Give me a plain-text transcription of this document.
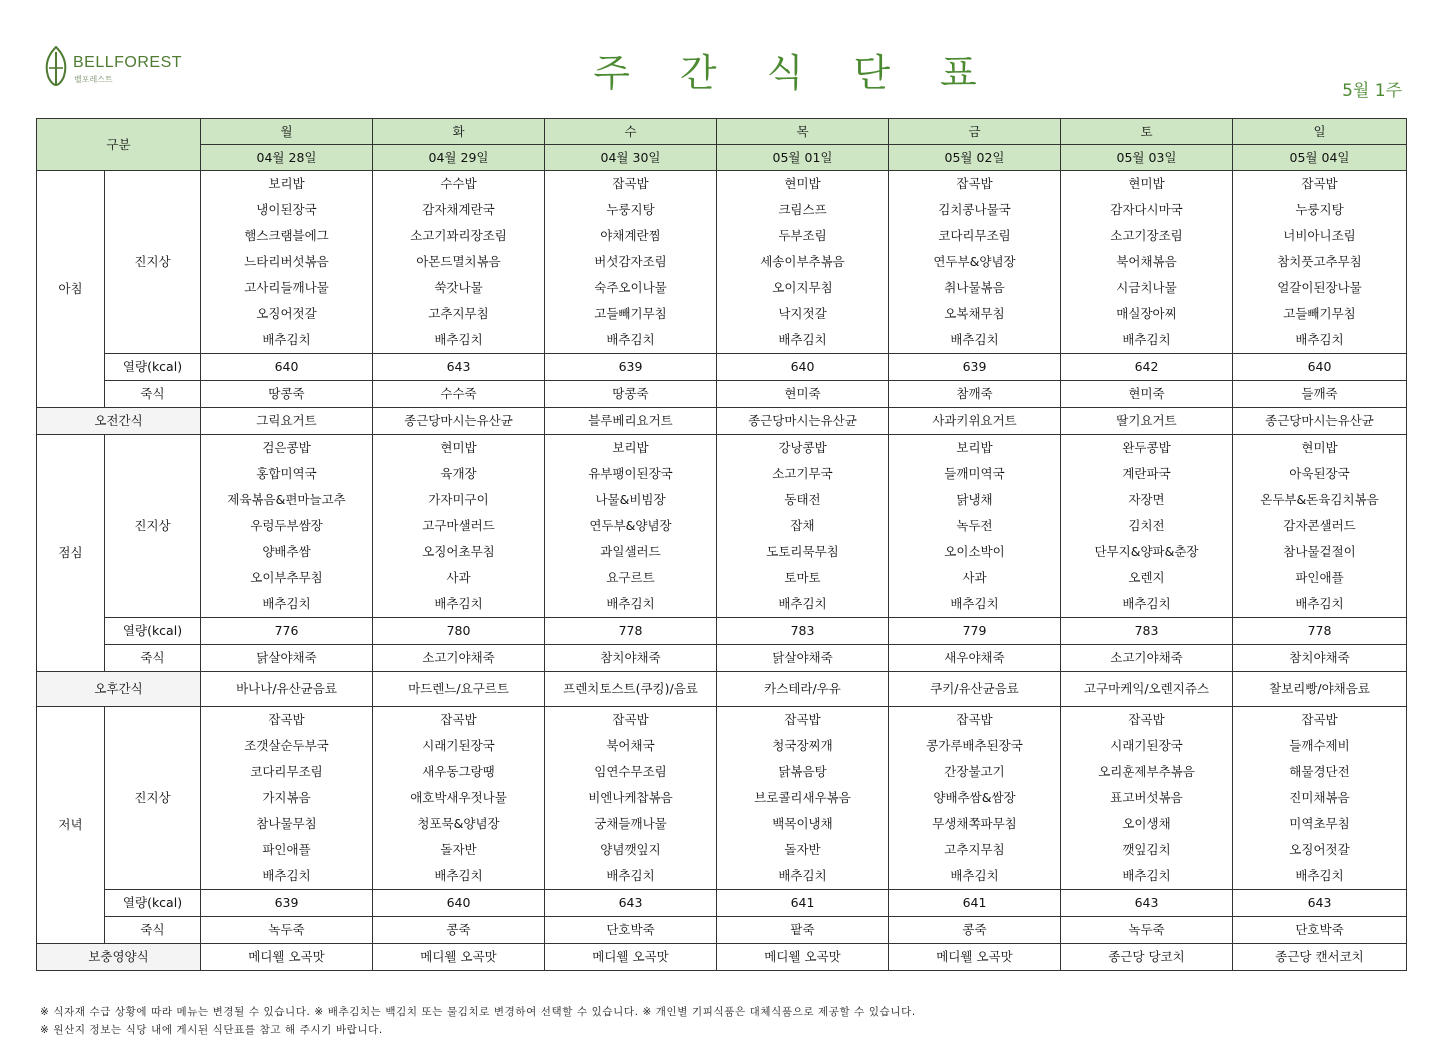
BELLFOREST
벨포레스트	주간식단표	5월 1주
구분		월	화	수	목	금	토	일
		04월 28일	04월 29일	04월 30일	05월 01일	05월 02일	05월 03일	05월 04일
아침	진지상	보리밥	수수밥	잡곡밥	현미밥	잡곡밥	현미밥	잡곡밥
		냉이된장국	감자채계란국	누룽지탕	크림스프	김치콩나물국	감자다시마국	누룽지탕
		햄스크램블에그	소고기꽈리장조림	야채계란찜	두부조림	코다리무조림	소고기장조림	너비아니조림
		느타리버섯볶음	아몬드멸치볶음	버섯감자조림	세송이부추볶음	연두부&양념장	북어채볶음	참치풋고추무침
		고사리들깨나물	쑥갓나물	숙주오이나물	오이지무침	취나물볶음	시금치나물	얼갈이된장나물
		오징어젓갈	고추지무침	고들빼기무침	낙지젓갈	오복채무침	매실장아찌	고들빼기무침
		배추김치	배추김치	배추김치	배추김치	배추김치	배추김치	배추김치
	열량(kcal)	640	643	639	640	639	642	640
	죽식	땅콩죽	수수죽	땅콩죽	현미죽	참깨죽	현미죽	들깨죽
오전간식		그릭요거트	종근당마시는유산균	블루베리요거트	종근당마시는유산균	사과키위요거트	딸기요거트	종근당마시는유산균
점심	진지상	검은콩밥	현미밥	보리밥	강낭콩밥	보리밥	완두콩밥	현미밥
		홍합미역국	육개장	유부팽이된장국	소고기무국	들깨미역국	계란파국	아욱된장국
		제육볶음&편마늘고추	가자미구이	나물&비빔장	동태전	닭냉채	자장면	온두부&돈육김치볶음
		우렁두부쌈장	고구마샐러드	연두부&양념장	잡채	녹두전	김치전	감자콘샐러드
		양배추쌈	오징어초무침	과일샐러드	도토리묵무침	오이소박이	단무지&양파&춘장	참나물겉절이
		오이부추무침	사과	요구르트	토마토	사과	오렌지	파인애플
		배추김치	배추김치	배추김치	배추김치	배추김치	배추김치	배추김치
	열량(kcal)	776	780	778	783	779	783	778
	죽식	닭살야채죽	소고기야채죽	참치야채죽	닭살야채죽	새우야채죽	소고기야채죽	참치야채죽
오후간식		바나나/유산균음료	마드렌느/요구르트	프렌치토스트(쿠킹)/음료	카스테라/우유	쿠키/유산균음료	고구마케익/오렌지쥬스	찰보리빵/야채음료
저녁	진지상	잡곡밥	잡곡밥	잡곡밥	잡곡밥	잡곡밥	잡곡밥	잡곡밥
		조갯살순두부국	시래기된장국	북어채국	청국장찌개	콩가루배추된장국	시래기된장국	들깨수제비
		코다리무조림	새우동그랑땡	임연수무조림	닭볶음탕	간장불고기	오리훈제부추볶음	해물경단전
		가지볶음	애호박새우젓나물	비엔나케찹볶음	브로콜리새우볶음	양배추쌈&쌈장	표고버섯볶음	진미채볶음
		참나물무침	청포묵&양념장	궁채들깨나물	백목이냉채	무생채쪽파무침	오이생채	미역초무침
		파인애플	돌자반	양념깻잎지	돌자반	고추지무침	깻잎김치	오징어젓갈
		배추김치	배추김치	배추김치	배추김치	배추김치	배추김치	배추김치
	열량(kcal)	639	640	643	641	641	643	643
	죽식	녹두죽	콩죽	단호박죽	팥죽	콩죽	녹두죽	단호박죽
보충영양식		메디웰 오곡맛	메디웰 오곡맛	메디웰 오곡맛	메디웰 오곡맛	메디웰 오곡맛	종근당 당코치	종근당 캔서코치
※ 식자재 수급 상황에 따라 메뉴는 변경될 수 있습니다. ※ 배추김치는 백김치 또는 물김치로 변경하여 선택할 수 있습니다. ※ 개인별 기피식품은 대체식품으로 제공할 수 있습니다.
※ 원산지 정보는 식당 내에 게시된 식단표를 참고 해 주시기 바랍니다.
